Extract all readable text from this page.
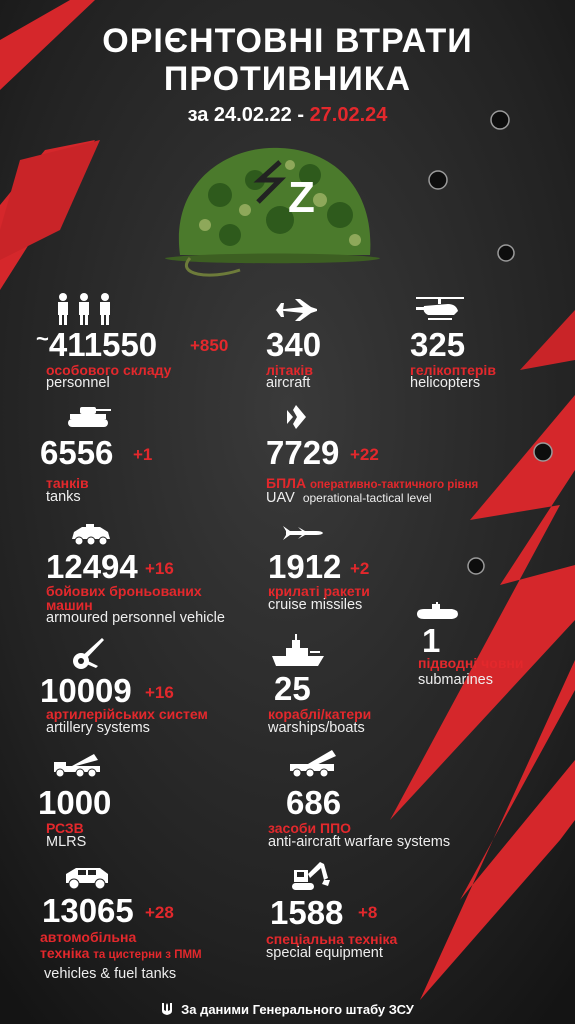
ОРІЄНТОВНІ ВТРАТИ
ПРОТИВНИКА
за 24.02.22 - 27.02.24
Z
~411550 +850
особового складу
personnel
340
літаків
aircraft
325
гелікоптерів
helicopters
6556 +1
танків
tanks
7729 +22
БПЛА оперативно-тактичного рівня
UAV operational-tactical level
12494 +16
бойових броньованих
машин
armoured personnel vehicle
1912 +2
крилаті ракети
cruise missiles
1
підводні човни
submarines
10009 +16
артилерійських систем
artillery systems
25
кораблі/катери
warships/boats
1000
РСЗВ
MLRS
686
засоби ППО
anti-aircraft warfare systems
13065 +28
автомобільна
техніка та цистерни з ПММ
vehicles & fuel tanks
1588 +8
спеціальна техніка
special equipment
За даними Генерального штабу ЗСУ
